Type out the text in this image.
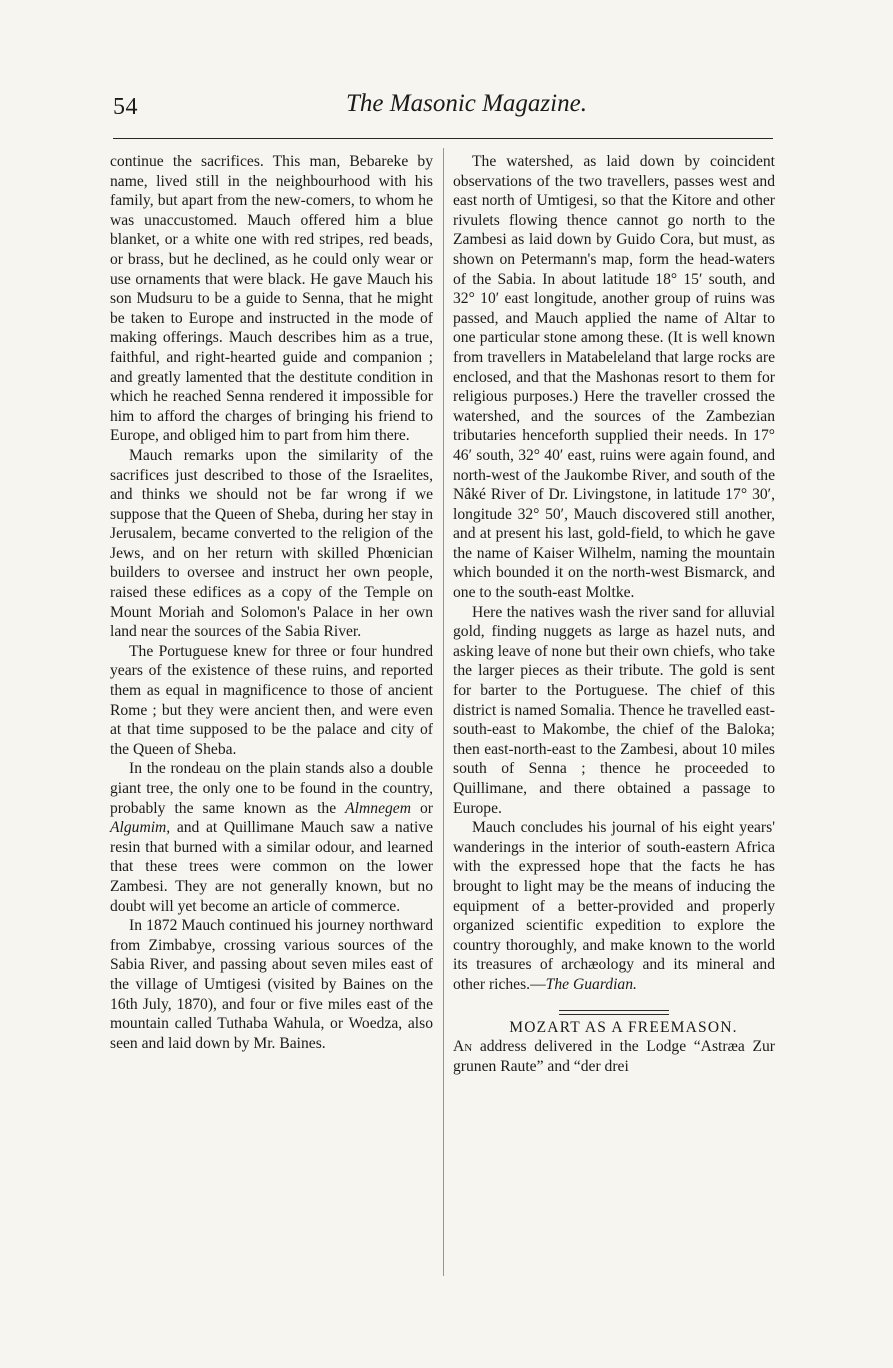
54	The Masonic Magazine.

continue the sacrifices. This man, Bebareke by name, lived still in the neighbourhood with his family, but apart from the new-comers, to whom he was unaccustomed. Mauch offered him a blue blanket, or a white one with red stripes, red beads, or brass, but he declined, as he could only wear or use ornaments that were black. He gave Mauch his son Mudsuru to be a guide to Senna, that he might be taken to Europe and instructed in the mode of making offerings. Mauch describes him as a true, faithful, and right-hearted guide and companion ; and greatly lamented that the destitute condition in which he reached Senna rendered it impossible for him to afford the charges of bringing his friend to Europe, and obliged him to part from him there.

Mauch remarks upon the similarity of the sacrifices just described to those of the Israelites, and thinks we should not be far wrong if we suppose that the Queen of Sheba, during her stay in Jerusalem, became converted to the religion of the Jews, and on her return with skilled Phœnician builders to oversee and instruct her own people, raised these edifices as a copy of the Temple on Mount Moriah and Solomon's Palace in her own land near the sources of the Sabia River.

The Portuguese knew for three or four hundred years of the existence of these ruins, and reported them as equal in magnificence to those of ancient Rome ; but they were ancient then, and were even at that time supposed to be the palace and city of the Queen of Sheba.

In the rondeau on the plain stands also a double giant tree, the only one to be found in the country, probably the same known as the Almnegem or Algumim, and at Quillimane Mauch saw a native resin that burned with a similar odour, and learned that these trees were common on the lower Zambesi. They are not generally known, but no doubt will yet become an article of commerce.

In 1872 Mauch continued his journey northward from Zimbabye, crossing various sources of the Sabia River, and passing about seven miles east of the village of Umtigesi (visited by Baines on the 16th July, 1870), and four or five miles east of the mountain called Tuthaba Wahula, or Woedza, also seen and laid down by Mr. Baines.

The watershed, as laid down by coincident observations of the two travellers, passes west and east north of Umtigesi, so that the Kitore and other rivulets flowing thence cannot go north to the Zambesi as laid down by Guido Cora, but must, as shown on Petermann's map, form the head-waters of the Sabia. In about latitude 18° 15′ south, and 32° 10′ east longitude, another group of ruins was passed, and Mauch applied the name of Altar to one particular stone among these. (It is well known from travellers in Matabeleland that large rocks are enclosed, and that the Mashonas resort to them for religious purposes.) Here the traveller crossed the watershed, and the sources of the Zambezian tributaries henceforth supplied their needs. In 17° 46′ south, 32° 40′ east, ruins were again found, and north-west of the Jaukombe River, and south of the Nâké River of Dr. Livingstone, in latitude 17° 30′, longitude 32° 50′, Mauch discovered still another, and at present his last, gold-field, to which he gave the name of Kaiser Wilhelm, naming the mountain which bounded it on the north-west Bismarck, and one to the south-east Moltke.

Here the natives wash the river sand for alluvial gold, finding nuggets as large as hazel nuts, and asking leave of none but their own chiefs, who take the larger pieces as their tribute. The gold is sent for barter to the Portuguese. The chief of this district is named Somalia. Thence he travelled east-south-east to Makombe, the chief of the Baloka; then east-north-east to the Zambesi, about 10 miles south of Senna ; thence he proceeded to Quillimane, and there obtained a passage to Europe.

Mauch concludes his journal of his eight years' wanderings in the interior of south-eastern Africa with the expressed hope that the facts he has brought to light may be the means of inducing the equipment of a better-provided and properly organized scientific expedition to explore the country thoroughly, and make known to the world its treasures of archæology and its mineral and other riches.—The Guardian.

MOZART AS A FREEMASON.

An address delivered in the Lodge “Astræa Zur grunen Raute” and “der drei
